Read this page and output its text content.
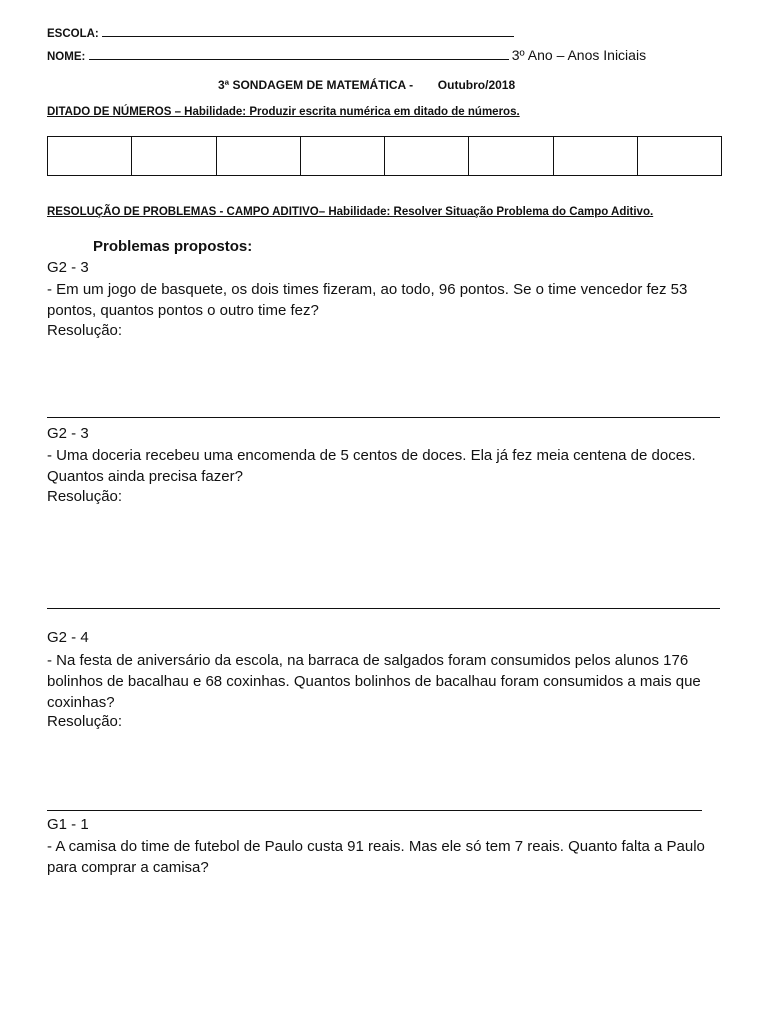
ESCOLA:
NOME:	3º Ano – Anos Iniciais
3ª SONDAGEM DE MATEMÁTICA - Outubro/2018
DITADO DE NÚMEROS – Habilidade: Produzir escrita numérica em ditado de números.

RESOLUÇÃO DE PROBLEMAS - CAMPO ADITIVO– Habilidade: Resolver Situação Problema do Campo Aditivo.
Problemas propostos:
G2 - 3
- Em um jogo de basquete, os dois times fizeram, ao todo, 96 pontos. Se o time vencedor fez 53 pontos, quantos pontos o outro time fez?
Resolução:
G2 - 3
- Uma doceria recebeu uma encomenda de 5 centos de doces. Ela já fez meia centena de doces. Quantos ainda precisa fazer?
Resolução:
G2 - 4
- Na festa de aniversário da escola, na barraca de salgados foram consumidos pelos alunos 176 bolinhos de bacalhau e 68 coxinhas. Quantos bolinhos de bacalhau foram consumidos a mais que coxinhas?
Resolução:
G1 - 1
- A camisa do time de futebol de Paulo custa 91 reais. Mas ele só tem 7 reais. Quanto falta a Paulo para comprar a camisa?
